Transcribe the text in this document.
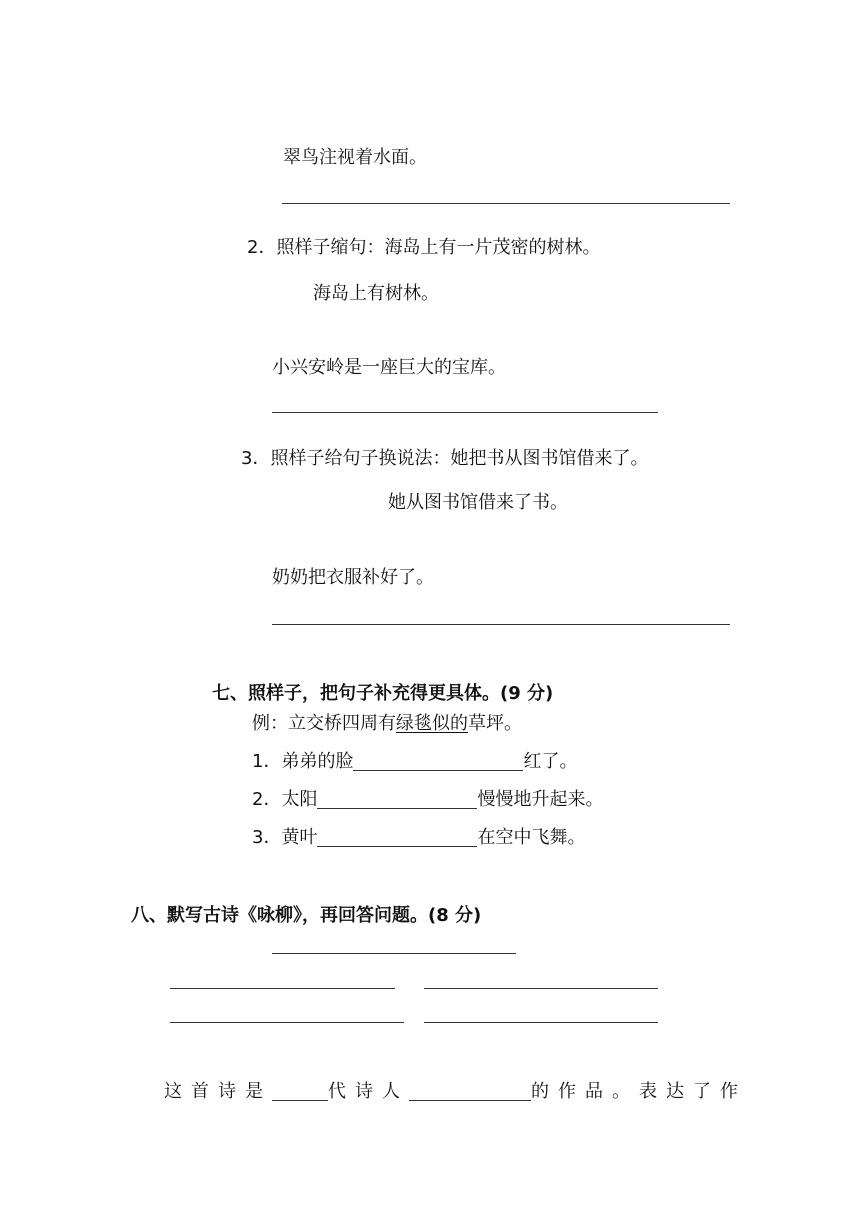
翠鸟注视着水面。
2．照样子缩句：海岛上有一片茂密的树林。
海岛上有树林。
小兴安岭是一座巨大的宝库。
3．照样子给句子换说法：她把书从图书馆借来了。
她从图书馆借来了书。
奶奶把衣服补好了。
七、照样子，把句子补充得更具体。(9 分)
例：立交桥四周有绿毯似的草坪。
1．弟弟的脸	红了。
2．太阳	慢慢地升起来。
3．黄叶	在空中飞舞。
八、默写古诗《咏柳》，再回答问题。(8 分)
这首诗是	代诗人	的作品。表达了作
